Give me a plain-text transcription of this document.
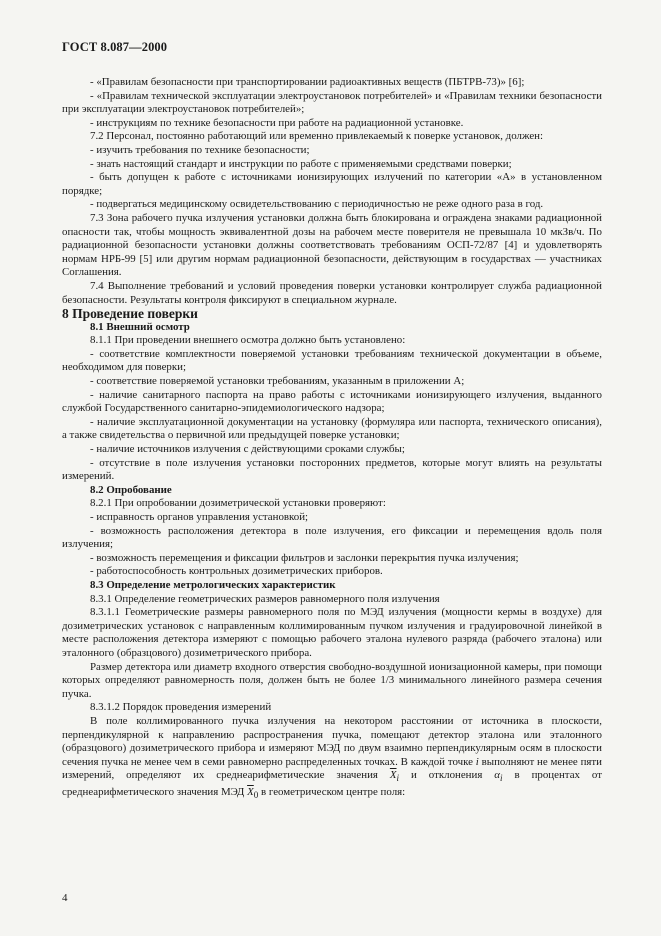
ГОСТ 8.087—2000

- «Правилам безопасности при транспортировании радиоактивных веществ (ПБТРВ-73)» [6];

- «Правилам технической эксплуатации электроустановок потребителей» и «Правилам техники безопасности при эксплуатации электроустановок потребителей»;

- инструкциям по технике безопасности при работе на радиационной установке.

7.2 Персонал, постоянно работающий или временно привлекаемый к поверке установок, должен:

- изучить требования по технике безопасности;

- знать настоящий стандарт и инструкции по работе с применяемыми средствами поверки;

- быть допущен к работе с источниками ионизирующих излучений по категории «А» в установленном порядке;

- подвергаться медицинскому освидетельствованию с периодичностью не реже одного раза в год.

7.3 Зона рабочего пучка излучения установки должна быть блокирована и ограждена знаками радиационной опасности так, чтобы мощность эквивалентной дозы на рабочем месте поверителя не превышала 10 мкЗв/ч. По радиационной безопасности установки должны соответствовать требованиям ОСП-72/87 [4] и удовлетворять нормам НРБ-99 [5] или другим нормам радиационной безопасности, действующим в государствах — участниках Соглашения.

7.4 Выполнение требований и условий проведения поверки установки контролирует служба радиационной безопасности. Результаты контроля фиксируют в специальном журнале.

8 Проведение поверки

8.1 Внешний осмотр

8.1.1 При проведении внешнего осмотра должно быть установлено:

- соответствие комплектности поверяемой установки требованиям технической документации в объеме, необходимом для поверки;

- соответствие поверяемой установки требованиям, указанным в приложении А;

- наличие санитарного паспорта на право работы с источниками ионизирующего излучения, выданного службой Государственного санитарно-эпидемиологического надзора;

- наличие эксплуатационной документации на установку (формуляра или паспорта, технического описания), а также свидетельства о первичной или предыдущей поверке установки;

- наличие источников излучения с действующими сроками службы;

- отсутствие в поле излучения установки посторонних предметов, которые могут влиять на результаты измерений.

8.2 Опробование

8.2.1 При опробовании дозиметрической установки проверяют:

- исправность органов управления установкой;

- возможность расположения детектора в поле излучения, его фиксации и перемещения вдоль поля излучения;

- возможность перемещения и фиксации фильтров и заслонки перекрытия пучка излучения;

- работоспособность контрольных дозиметрических приборов.

8.3 Определение метрологических характеристик

8.3.1 Определение геометрических размеров равномерного поля излучения

8.3.1.1 Геометрические размеры равномерного поля по МЭД излучения (мощности кермы в воздухе) для дозиметрических установок с направленным коллимированным пучком излучения и градуировочной линейкой в месте расположения детектора измеряют с помощью рабочего эталона нулевого разряда (рабочего эталона) или эталонного (образцового) дозиметрического прибора.

Размер детектора или диаметр входного отверстия свободно-воздушной ионизационной камеры, при помощи которых определяют равномерность поля, должен быть не более 1/3 минимального линейного размера сечения пучка.

8.3.1.2 Порядок проведения измерений

В поле коллимированного пучка излучения на некотором расстоянии от источника в плоскости, перпендикулярной к направлению распространения пучка, помещают детектор эталона или эталонного (образцового) дозиметрического прибора и измеряют МЭД по двум взаимно перпендикулярным осям в плоскости сечения пучка не менее чем в семи равномерно распределенных точках. В каждой точке i выполняют не менее пяти измерений, определяют их среднеарифметические значения $\overline{X}_i$ и отклонения $\alpha_i$ в процентах от среднеарифметического значения МЭД $\overline{X}_0$ в геометрическом центре поля:

4
